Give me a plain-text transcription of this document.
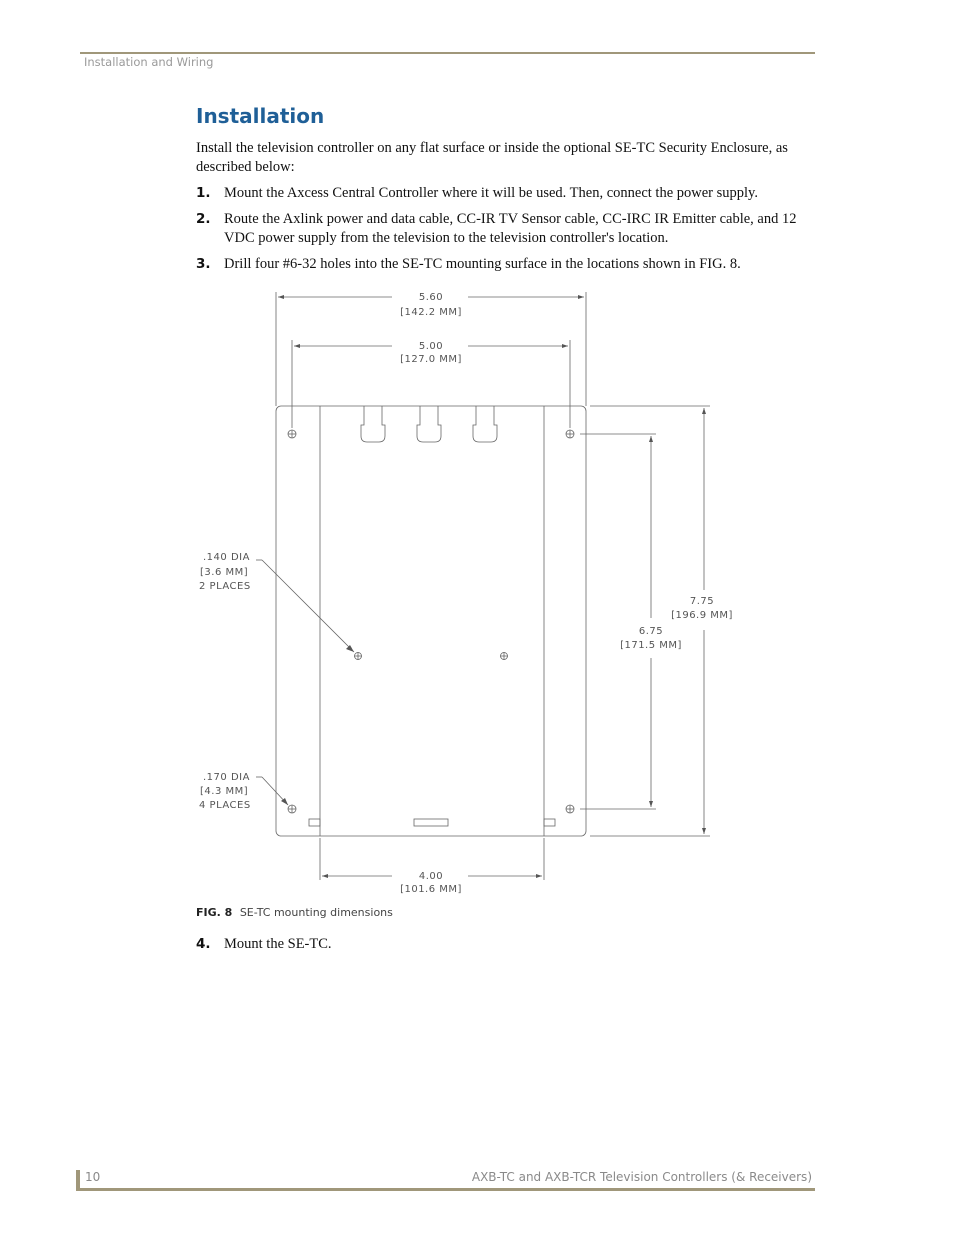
Installation and Wiring
Installation

Install the television controller on any flat surface or inside the optional SE-TC Security Enclosure, as described below:

1. Mount the Axcess Central Controller where it will be used. Then, connect the power supply.
2. Route the Axlink power and data cable, CC-IR TV Sensor cable, CC-IRC IR Emitter cable, and 12 VDC power supply from the television to the television controller's location.
3. Drill four #6-32 holes into the SE-TC mounting surface in the locations shown in FIG. 8.
5.60
[142.2 MM]
5.00
[127.0 MM]
4.00
[101.6 MM]
7.75
[196.9 MM]
6.75
[171.5 MM]
.140 DIA
[3.6 MM]
2 PLACES
.170 DIA
[4.3 MM]
4 PLACES
FIG. 8 SE-TC mounting dimensions
4. Mount the SE-TC.
10	AXB-TC and AXB-TCR Television Controllers (& Receivers)
